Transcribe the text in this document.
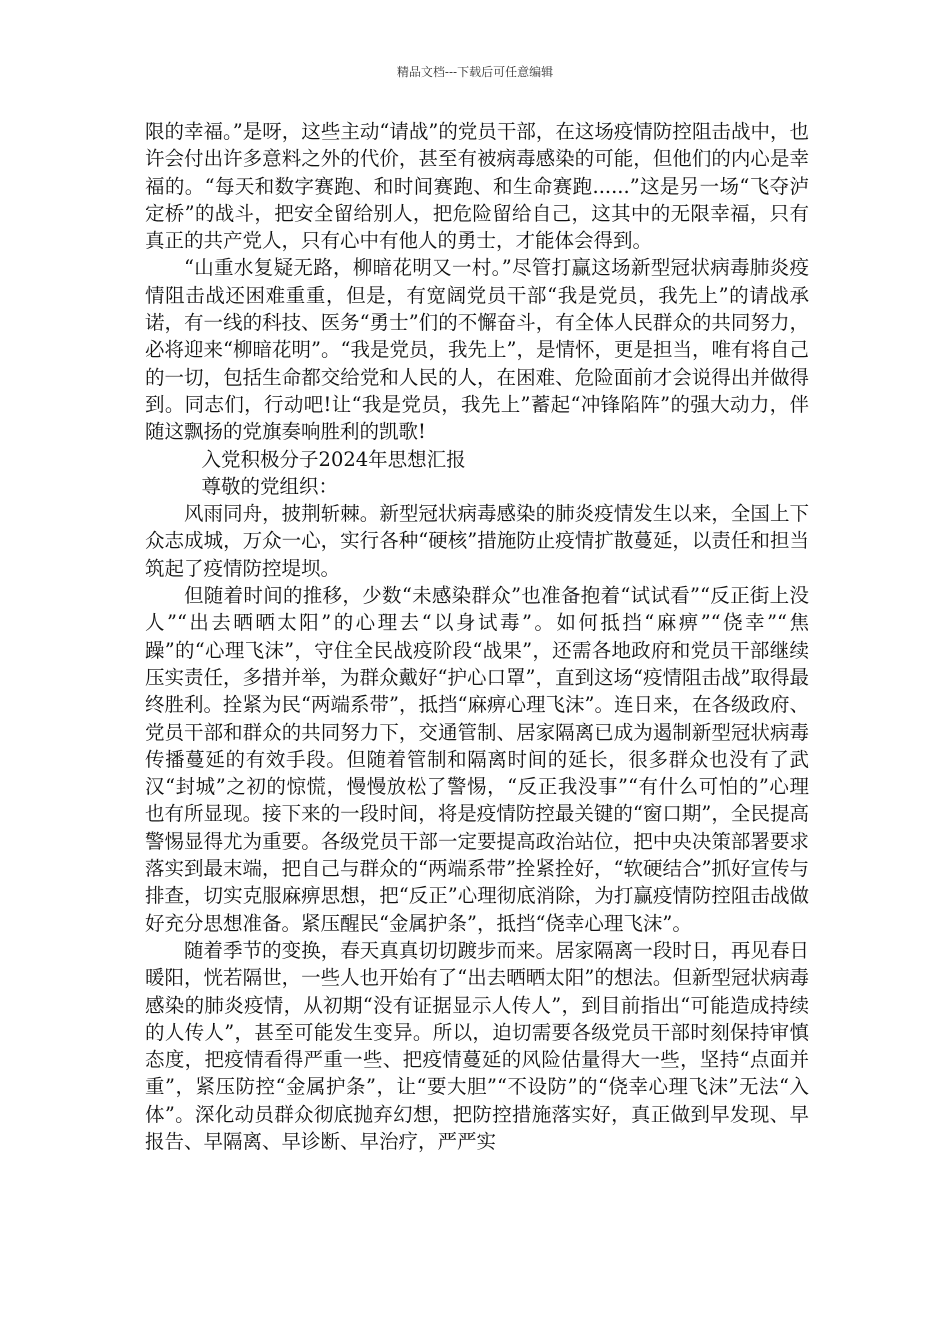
精品文档---下载后可任意编辑

限的幸福。”是呀，这些主动“请战”的党员干部，在这场疫情防控阻击战中，也许会付出许多意料之外的代价，甚至有被病毒感染的可能，但他们的内心是幸福的。“每天和数字赛跑、和时间赛跑、和生命赛跑......”这是另一场“飞夺泸定桥”的战斗，把安全留给别人，把危险留给自己，这其中的无限幸福，只有真正的共产党人，只有心中有他人的勇士，才能体会得到。

“山重水复疑无路，柳暗花明又一村。”尽管打赢这场新型冠状病毒肺炎疫情阻击战还困难重重，但是，有宽阔党员干部“我是党员，我先上”的请战承诺，有一线的科技、医务“勇士”们的不懈奋斗，有全体人民群众的共同努力，必将迎来“柳暗花明”。“我是党员，我先上”，是情怀，更是担当，唯有将自己的一切，包括生命都交给党和人民的人，在困难、危险面前才会说得出并做得到。同志们，行动吧!让“我是党员，我先上”蓄起“冲锋陷阵”的强大动力，伴随这飘扬的党旗奏响胜利的凯歌!

入党积极分子2024年思想汇报

尊敬的党组织：

风雨同舟，披荆斩棘。新型冠状病毒感染的肺炎疫情发生以来，全国上下众志成城，万众一心，实行各种“硬核”措施防止疫情扩散蔓延，以责任和担当筑起了疫情防控堤坝。

但随着时间的推移，少数“未感染群众”也准备抱着“试试看”“反正街上没人”“出去晒晒太阳”的心理去“以身试毒”。如何抵挡“麻痹”“侥幸”“焦躁”的“心理飞沫”，守住全民战疫阶段“战果”，还需各地政府和党员干部继续压实责任，多措并举，为群众戴好“护心口罩”，直到这场“疫情阻击战”取得最终胜利。拴紧为民“两端系带”，抵挡“麻痹心理飞沫”。连日来，在各级政府、党员干部和群众的共同努力下，交通管制、居家隔离已成为遏制新型冠状病毒传播蔓延的有效手段。但随着管制和隔离时间的延长，很多群众也没有了武汉“封城”之初的惊慌，慢慢放松了警惕，“反正我没事”“有什么可怕的”心理也有所显现。接下来的一段时间，将是疫情防控最关键的“窗口期”，全民提高警惕显得尤为重要。各级党员干部一定要提高政治站位，把中央决策部署要求落实到最末端，把自己与群众的“两端系带”拴紧拴好，“软硬结合”抓好宣传与排查，切实克服麻痹思想，把“反正”心理彻底消除，为打赢疫情防控阻击战做好充分思想准备。紧压醒民“金属护条”，抵挡“侥幸心理飞沫”。

随着季节的变换，春天真真切切踱步而来。居家隔离一段时日，再见春日暖阳，恍若隔世，一些人也开始有了“出去晒晒太阳”的想法。但新型冠状病毒感染的肺炎疫情，从初期“没有证据显示人传人”，到目前指出“可能造成持续的人传人”，甚至可能发生变异。所以，迫切需要各级党员干部时刻保持审慎态度，把疫情看得严重一些、把疫情蔓延的风险估量得大一些，坚持“点面并重”，紧压防控“金属护条”，让“要大胆”“不设防”的“侥幸心理飞沫”无法“入体”。深化动员群众彻底抛弃幻想，把防控措施落实好，真正做到早发现、早报告、早隔离、早诊断、早治疗，严严实
